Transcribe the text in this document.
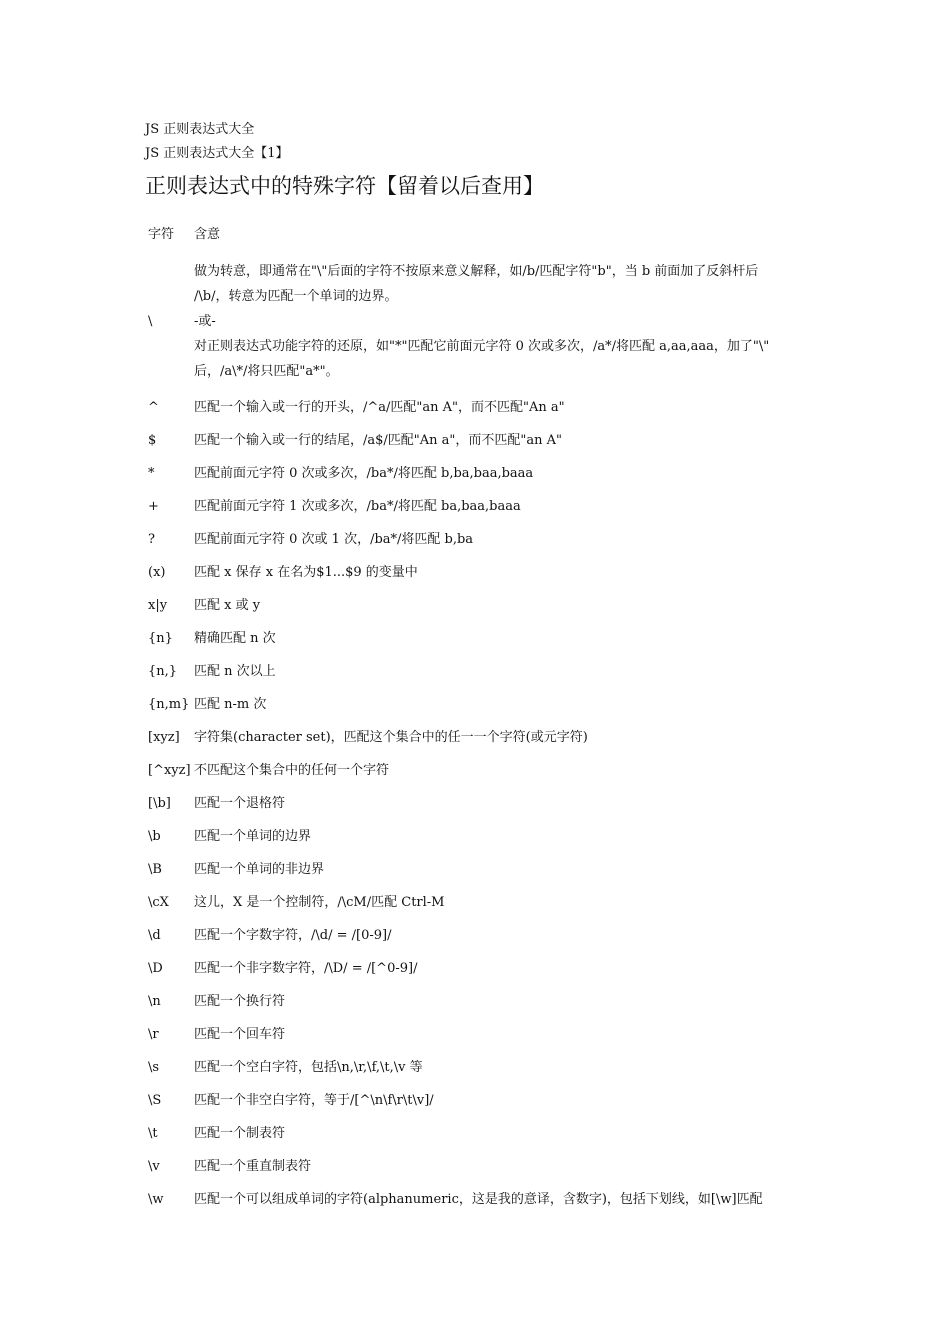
JS 正则表达式大全
JS 正则表达式大全【1】
正则表达式中的特殊字符【留着以后查用】
字符	含意
\
做为转意，即通常在"\"后面的字符不按原来意义解释，如/b/匹配字符"b"，当 b 前面加了反斜杆后
/\b/，转意为匹配一个单词的边界。
-或-
对正则表达式功能字符的还原，如"*"匹配它前面元字符 0 次或多次，/a*/将匹配 a,aa,aaa，加了"\"
后，/a\*/将只匹配"a*"。
^	匹配一个输入或一行的开头，/^a/匹配"an A"，而不匹配"An a"
$	匹配一个输入或一行的结尾，/a$/匹配"An a"，而不匹配"an A"
*	匹配前面元字符 0 次或多次，/ba*/将匹配 b,ba,baa,baaa
+	匹配前面元字符 1 次或多次，/ba*/将匹配 ba,baa,baaa
?	匹配前面元字符 0 次或 1 次，/ba*/将匹配 b,ba
(x)	匹配 x 保存 x 在名为$1...$9 的变量中
x|y	匹配 x 或 y
{n}	精确匹配 n 次
{n,}	匹配 n 次以上
{n,m} 匹配 n-m 次
[xyz]	字符集(character set)，匹配这个集合中的任一一个字符(或元字符)
[^xyz] 不匹配这个集合中的任何一个字符
[\b]	匹配一个退格符
\b	匹配一个单词的边界
\B	匹配一个单词的非边界
\cX	这儿，X 是一个控制符，/\cM/匹配 Ctrl-M
\d	匹配一个字数字符，/\d/ = /[0-9]/
\D	匹配一个非字数字符，/\D/ = /[^0-9]/
\n	匹配一个换行符
\r	匹配一个回车符
\s	匹配一个空白字符，包括\n,\r,\f,\t,\v 等
\S	匹配一个非空白字符，等于/[^\n\f\r\t\v]/
\t	匹配一个制表符
\v	匹配一个重直制表符
\w	匹配一个可以组成单词的字符(alphanumeric，这是我的意译，含数字)，包括下划线，如[\w]匹配
